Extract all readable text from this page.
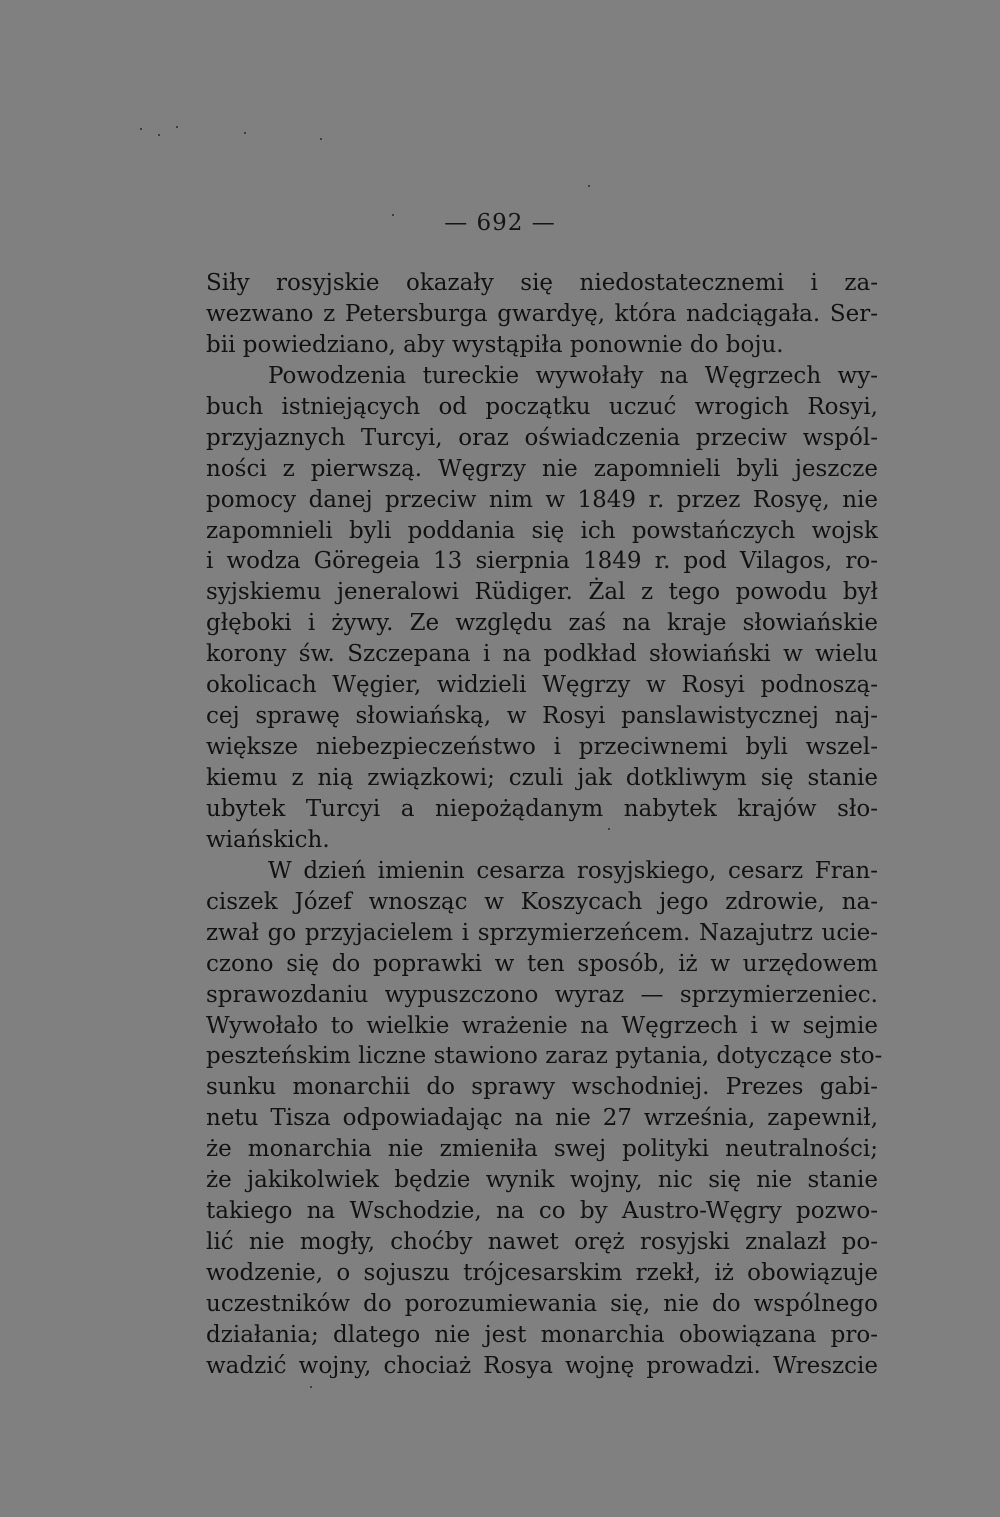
— 692 —
Siły rosyjskie okazały się niedostatecznemi i za-
wezwano z Petersburga gwardyę, która nadciągała. Ser-
bii powiedziano, aby wystąpiła ponownie do boju.
Powodzenia tureckie wywołały na Węgrzech wy-
buch istniejących od początku uczuć wrogich Rosyi,
przyjaznych Turcyi, oraz oświadczenia przeciw wspól-
ności z pierwszą. Węgrzy nie zapomnieli byli jeszcze
pomocy danej przeciw nim w 1849 r. przez Rosyę, nie
zapomnieli byli poddania się ich powstańczych wojsk
i wodza Göregeia 13 sierpnia 1849 r. pod Vilagos, ro-
syjskiemu jeneralowi Rüdiger. Żal z tego powodu był
głęboki i żywy. Ze względu zaś na kraje słowiańskie
korony św. Szczepana i na podkład słowiański w wielu
okolicach Węgier, widzieli Węgrzy w Rosyi podnoszą-
cej sprawę słowiańską, w Rosyi panslawistycznej naj-
większe niebezpieczeństwo i przeciwnemi byli wszel-
kiemu z nią związkowi; czuli jak dotkliwym się stanie
ubytek Turcyi a niepożądanym nabytek krajów sło-
wiańskich.
W dzień imienin cesarza rosyjskiego, cesarz Fran-
ciszek Józef wnosząc w Koszycach jego zdrowie, na-
zwał go przyjacielem i sprzymierzeńcem. Nazajutrz ucie-
czono się do poprawki w ten sposób, iż w urzędowem
sprawozdaniu wypuszczono wyraz — sprzymierzeniec.
Wywołało to wielkie wrażenie na Węgrzech i w sejmie
peszteńskim liczne stawiono zaraz pytania, dotyczące sto-
sunku monarchii do sprawy wschodniej. Prezes gabi-
netu Tisza odpowiadając na nie 27 września, zapewnił,
że monarchia nie zmieniła swej polityki neutralności;
że jakikolwiek będzie wynik wojny, nic się nie stanie
takiego na Wschodzie, na co by Austro-Węgry pozwo-
lić nie mogły, choćby nawet oręż rosyjski znalazł po-
wodzenie, o sojuszu trójcesarskim rzekł, iż obowiązuje
uczestników do porozumiewania się, nie do wspólnego
działania; dlatego nie jest monarchia obowiązana pro-
wadzić wojny, chociaż Rosya wojnę prowadzi. Wreszcie
